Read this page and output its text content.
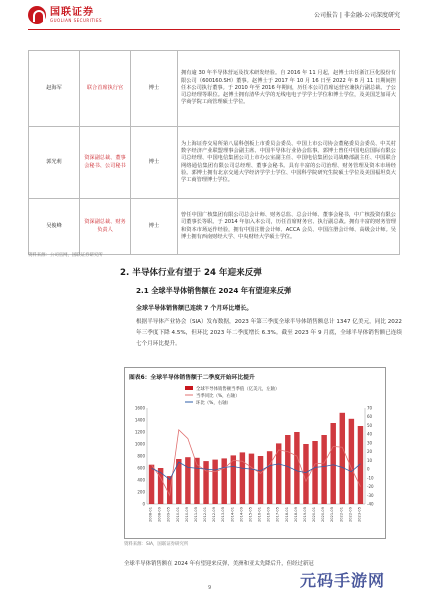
国联证券
GUOLIAN SECURITIES
公司报告 | 非金融-公司深度研究
赵海军	联合首席执行官	博士	拥有逾 30 年半导体营运及技术研发经验。自 2016 年 11 月起，赵博士出任浙江巨化股份有限公司（600160.SH）董事。赵博士于 2017 年 10 月 16 日至 2022 年 8 月 11 日期间担任本公司执行董事。于 2010 年至 2016 年期间，历任本公司首席运营官兼执行副总裁、子公司总经理等职位。赵博士拥有清华大学的无线电电子学学士学位和博士学位，及美国芝加哥大学商学院工商管理硕士学位。
郭光莉	资深副总裁、董事会秘书、公司秘书	博士	为上海证券交易所第八届科创板上市委员会委员、中国上市公司协会董秘委员会委员、中关村数字经济产业联盟理事会副主席、中国半导体行业协会监事。郭博士曾任中国电信国际有限公司总经理、中国电信集团公司上市办公室副主任、中国电信集团公司战略部副主任、中国联合网络通信集团有限公司总经理、董事会秘书。具有丰富的公司治理、财务管理及资本市场经验。郭博士拥有北京交通大学经济学学士学位、中国科学院研究生院硕士学位及美国福坦莫大学工商管理博士学位。
吴俊峰	资深副总裁、财务负责人	博士	曾任中国广核集团有限公司总会计师、财务总监、总会计师、董事会秘书，中广核投资有限公司董事长等职。于 2014 年加入本公司，历任首席财务官、执行副总裁。拥有丰富的财务管理和资本市场运作经验，拥有中国注册会计师、ACCA 会员、中国注册会计师、高级会计师。吴博士拥有西南财经大学、中央财经大学硕士学位。
资料来源：公司官网，国联证券研究所
2. 半导体行业有望于 24 年迎来反弹
2.1 全球半导体销售额在 2024 年有望迎来反弹
全球半导体销售额已连续 7 个月环比增长。
根据半导体产业协会（SIA）发布数据，2023 年第三季度全球半导体销售额总计 1347 亿美元，同比 2022 年三季度下降 4.5%，但环比 2023 年二季度增长 6.3%。截至 2023 年 9 月底，全球半导体销售额已连续七个月环比提升。
图表6：全球半导体销售额于二季度开始环比提升
全球半导体销售额当季值（亿美元，左轴）
当季同比（%，右轴）
环比（%，右轴）
0
200
400
600
800
1000
1200
1400
1600
-40
-30
-20
-10
0
10
20
30
40
50
60
70
2008-01 2008-09 2009-05 2010-01 2010-09 2011-05 2012-01 2012-09 2013-05 2014-01 2014-09 2015-05 2016-01 2016-09 2017-05 2018-01 2018-09 2019-05 2020-01 2020-09 2021-05 2022-01 2022-09 2023-05
资料来源：SIA，国联证券研究所
全球半导体销售额在 2024 年有望迎来反弹，美洲和亚太先降后升，但经过新冠
9	元码手游网
